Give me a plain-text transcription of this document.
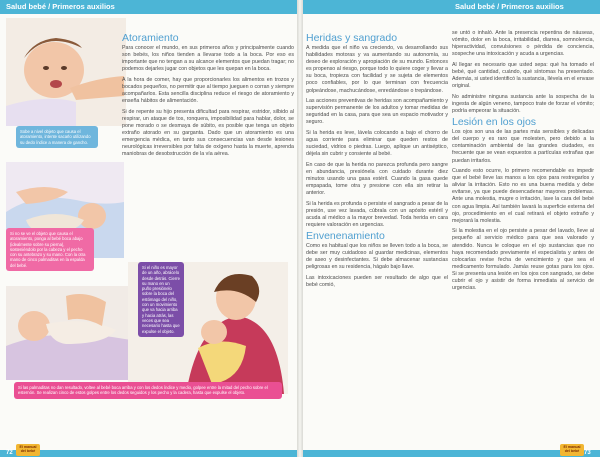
Salud bebé / Primeros auxilios	Salud bebé / Primeros auxilios
Sobe a nivel objeto que causa el atoramiento, intente sacarlo utilizando su dedo índice a manera de gancho.
Si no se ve el objeto que causa el atoramiento, ponga al bebé boca abajo (idealmente sobre su pierna), sosteniéndolo por la cabeza y el pecho con su antebrazo y su mano. Con la otra mano de cinco palmaditas en la espalda del bebé.	Si el niño es mayor de un año, abrácelo desde detrás. Cierre su mano en un puño presiónelo sobre la boca del estómago del niño, con un movimiento que va hacia arriba y hacia atrás, las veces que sea necesario hasta que expulse el objeto.
Si las palmaditas no dan resultado, voltee al bebé boca arriba y con los dedos índice y medio, golpee entre la mitad del pecho sobre el esternón. Se realizan cinco de estos golpes entre los dedos seguidos y los pecho y la cadera, hasta que expulse el objeto.
Atoramiento

Para conocer el mundo, en sus primeros años y principalmente cuando son bebés, los niños tienden a llevarse todo a la boca. Por eso es importante que no tengan a su alcance elementos que puedan tragar; no podemos dejarles jugar con objetos que les quepan en la boca.

A la hora de comer, hay que proporcionarles los alimentos en trozos y bocados pequeños, no permitir que al tiempo jueguen o corran y siempre acompañarlos. Esta sencilla disciplina reduce el riesgo de atoramiento y enseña hábitos de alimentación.

Si de repente su hijo presenta dificultad para respirar, estridor, silbido al respirar, un ataque de tos, ronquera, imposibilidad para hablar, dolor, se pone morado o se desmaya de súbito, es posible que tenga un objeto extraño atorado en su garganta. Dado que un atoramiento es una emergencia médica, en tanto sus consecuencias van desde lesiones neurológicas irreversibles por falta de oxígeno hasta la muerte, aprenda maniobras de desobstrucción de la vía aérea.

Heridas y sangrado

A medida que el niño va creciendo, va desarrollando sus habilidades motoras y va aumentando su autonomía, su deseo de exploración y apropiación de su mundo. Entonces es propenso al riesgo, porque todo lo quiere coger y llevar a su boca, tropieza con facilidad y se sujeta de elementos poco confiables, por lo que terminan con frecuencia golpeándose, machucándose, enredándose o trepándose.

Las acciones preventivas de heridas son acompañamiento y supervisión permanente de los adultos y tomar medidas de seguridad en la casa, para que sea un espacio motivador y seguro.

Si la herida es leve, lávela colocando a bajo el chorro de agua corriente para eliminar que queden restos de suciedad, vidrios o piedras. Luego, aplique un antiséptico, déjela sin cubrir y consiente al bebé.

En caso de que la herida no parezca profunda pero sangre en abundancia, presiónela con cuidado durante diez minutos usando una gasa estéril. Cuando la gasa quede empapada, tome otra y presione con ella sin retirar la anterior.

Si la herida es profunda o persiste el sangrado a pesar de la presión, use vez lavada, cúbrala con un apósito estéril y acuda al médico a la mayor brevedad. Toda herida en cara requiere valoración en urgencias.

Envenenamiento

Como es habitual que los niños se lleven todo a la boca, se debe ser muy cuidadoso al guardar medicinas, elementos de aseo y desinfectantes. Si debe almacenar sustancias peligrosas en su residencia, hágalo bajo llave.

Las intoxicaciones pueden ser resultado de algo que el bebé comió,

se untó o inhaló. Ante la presencia repentina de náuseas, vómito, dolor en la boca, irritabilidad, diarrea, somnolencia, hiperactividad, convulsiones o pérdida de conciencia, sospeche una intoxicación y acuda a urgencias.

Al llegar es necesario que usted sepa: qué ha tomado el bebé, qué cantidad, cuándo, qué síntomas ha presentado. Además, si usted identificó la sustancia, llévela en el envase original.

No administre ninguna sustancia ante la sospecha de la ingesta de algún veneno, tampoco trate de forzar el vómito; podría empeorar la situación.

Lesión en los ojos

Los ojos son una de las partes más sensibles y delicadas del cuerpo y es raro que molesten, pero debido a la contaminación ambiental de las grandes ciudades, es frecuente que se vean expuestos a partículas extrañas que puedan irritarlos.

Cuando esto ocurre, lo primero recomendable es impedir que el bebé lleve las manos a los ojos para restregarlos y aliviar la irritación. Esto no es una buena medida y debe evitarse, ya que puede desencadenar mayores problemas. Ante una molestia, mugre o irritación, lave la cara del bebé con agua limpia. Así también lavará la superficie externa del ojo, procedimiento en el cual retirará el objeto extraño y mejorará la molestia.

Si la molestia en el ojo persiste a pesar del lavado, lleve al pequeño al servicio médico para que sea valorado y atendido. Nunca le coloque en el ojo sustancias que no haya recomendado previamente el especialista y antes de colocarlas revise fecha de vencimiento y que sea el medicamento formulado. Jamás reuse gotas para los ojos. Si se presenta una lesión en los ojos con sangrado, se debe cubrir el ojo y asistir de forma inmediata al servicio de urgencias.

72	73
El manual del bebé
El manual del bebé
